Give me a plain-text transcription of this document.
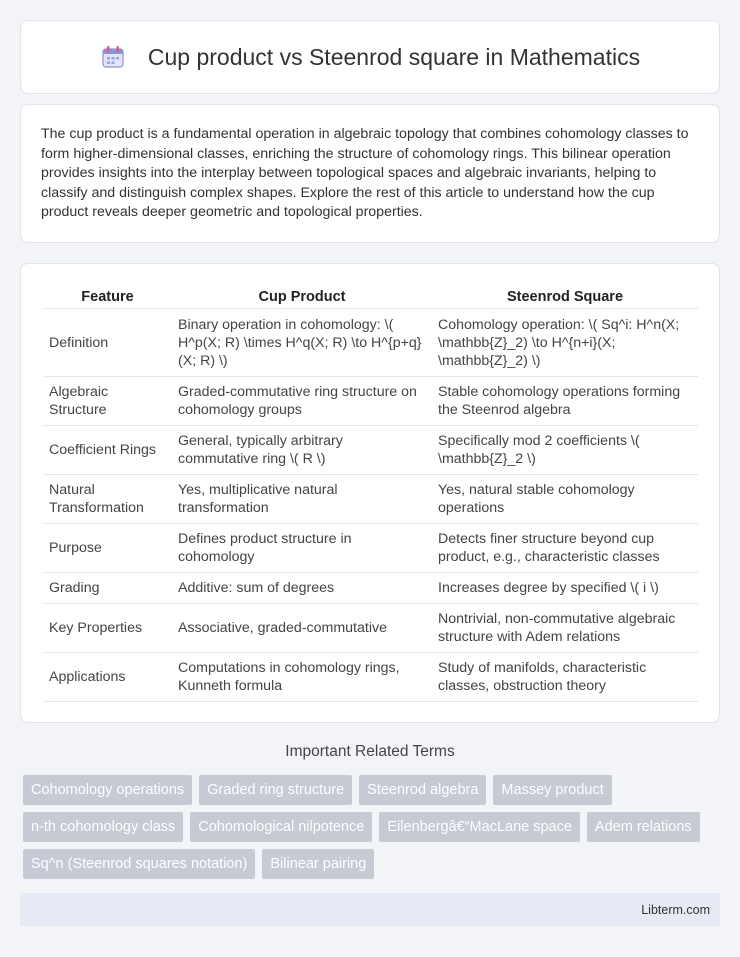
Cup product vs Steenrod square in Mathematics

The cup product is a fundamental operation in algebraic topology that combines cohomology classes to form higher-dimensional classes, enriching the structure of cohomology rings. This bilinear operation provides insights into the interplay between topological spaces and algebraic invariants, helping to classify and distinguish complex shapes. Explore the rest of this article to understand how the cup product reveals deeper geometric and topological properties.

Feature	Cup Product	Steenrod Square
Definition	Binary operation in cohomology: \( H^p(X; R) \times H^q(X; R) \to H^{p+q}(X; R) \)	Cohomology operation: \( Sq^i: H^n(X; \mathbb{Z}_2) \to H^{n+i}(X; \mathbb{Z}_2) \)
Algebraic Structure	Graded-commutative ring structure on cohomology groups	Stable cohomology operations forming the Steenrod algebra
Coefficient Rings	General, typically arbitrary commutative ring \( R \)	Specifically mod 2 coefficients \( \mathbb{Z}_2 \)
Natural Transformation	Yes, multiplicative natural transformation	Yes, natural stable cohomology operations
Purpose	Defines product structure in cohomology	Detects finer structure beyond cup product, e.g., characteristic classes
Grading	Additive: sum of degrees	Increases degree by specified \( i \)
Key Properties	Associative, graded-commutative	Nontrivial, non-commutative algebraic structure with Adem relations
Applications	Computations in cohomology rings, Kunneth formula	Study of manifolds, characteristic classes, obstruction theory
Important Related Terms
Cohomology operations	Graded ring structure	Steenrod algebra	Massey product
n-th cohomology class	Cohomological nilpotence	Eilenbergâ€“MacLane space	Adem relations
Sq^n (Steenrod squares notation)	Bilinear pairing
Libterm.com
